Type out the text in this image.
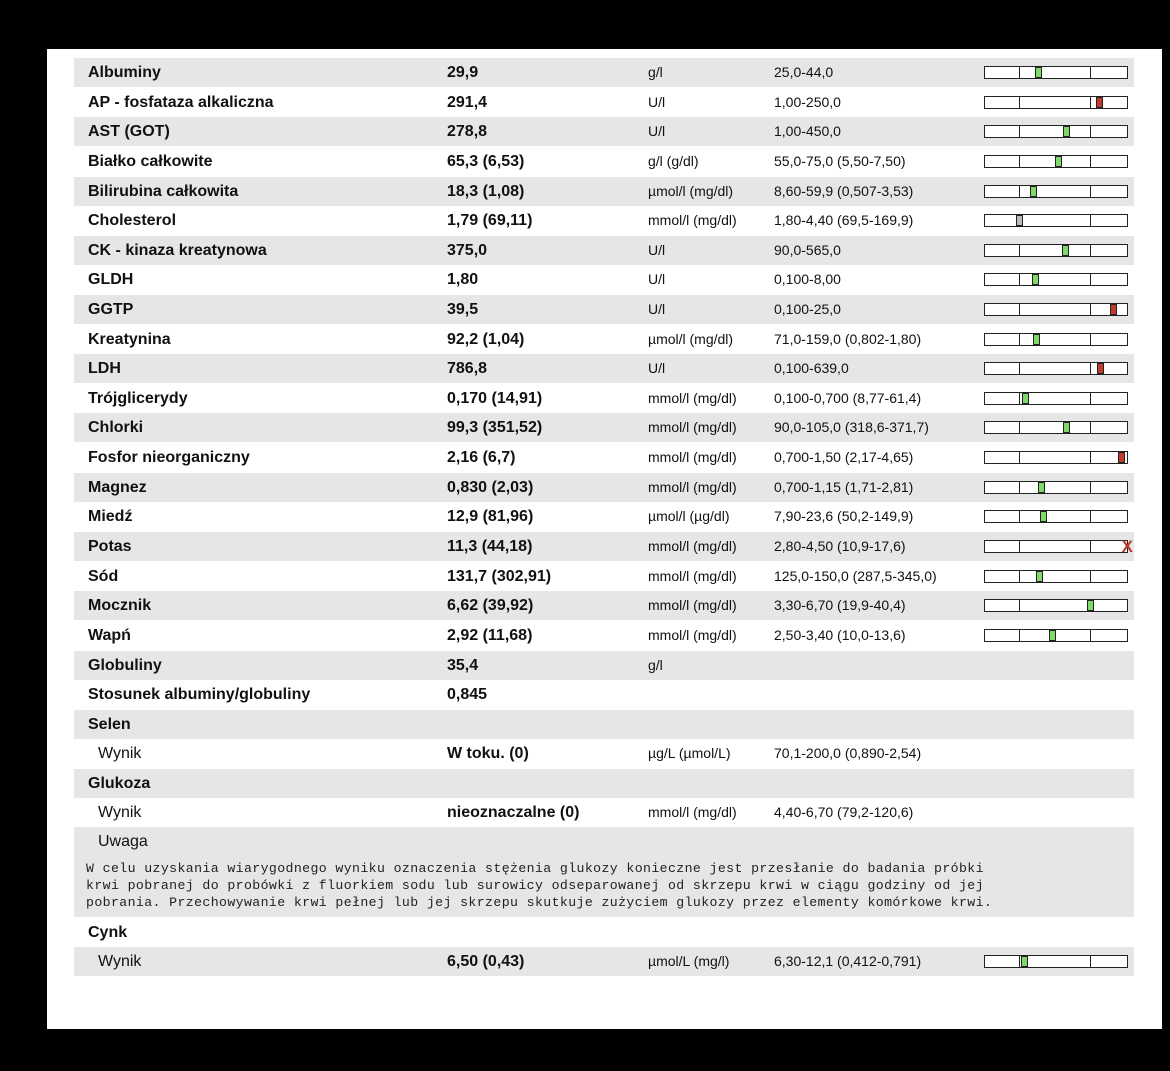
Albuminy	29,9	g/l	25,0-44,0
AP - fosfataza alkaliczna	291,4	U/l	1,00-250,0
AST (GOT)	278,8	U/l	1,00-450,0
Białko całkowite	65,3 (6,53)	g/l (g/dl)	55,0-75,0 (5,50-7,50)
Bilirubina całkowita	18,3 (1,08)	µmol/l (mg/dl)	8,60-59,9 (0,507-3,53)
Cholesterol	1,79 (69,11)	mmol/l (mg/dl)	1,80-4,40 (69,5-169,9)
CK - kinaza kreatynowa	375,0	U/l	90,0-565,0
GLDH	1,80	U/l	0,100-8,00
GGTP	39,5	U/l	0,100-25,0
Kreatynina	92,2 (1,04)	µmol/l (mg/dl)	71,0-159,0 (0,802-1,80)
LDH	786,8	U/l	0,100-639,0
Trójglicerydy	0,170 (14,91)	mmol/l (mg/dl)	0,100-0,700 (8,77-61,4)
Chlorki	99,3 (351,52)	mmol/l (mg/dl)	90,0-105,0 (318,6-371,7)
Fosfor nieorganiczny	2,16 (6,7)	mmol/l (mg/dl)	0,700-1,50 (2,17-4,65)
Magnez	0,830 (2,03)	mmol/l (mg/dl)	0,700-1,15 (1,71-2,81)
Miedź	12,9 (81,96)	µmol/l (µg/dl)	7,90-23,6 (50,2-149,9)
Potas	11,3 (44,18)	mmol/l (mg/dl)	2,80-4,50 (10,9-17,6)	X
Sód	131,7 (302,91)	mmol/l (mg/dl)	125,0-150,0 (287,5-345,0)
Mocznik	6,62 (39,92)	mmol/l (mg/dl)	3,30-6,70 (19,9-40,4)
Wapń	2,92 (11,68)	mmol/l (mg/dl)	2,50-3,40 (10,0-13,6)
Globuliny	35,4	g/l
Stosunek albuminy/globuliny	0,845
Selen
Wynik	W toku. (0)	µg/L (µmol/L)	70,1-200,0 (0,890-2,54)
Glukoza
Wynik	nieoznaczalne (0)	mmol/l (mg/dl)	4,40-6,70 (79,2-120,6)
Uwaga
Cynk
Wynik	6,50 (0,43)	µmol/L (mg/l)	6,30-12,1 (0,412-0,791)
W celu uzyskania wiarygodnego wyniku oznaczenia stężenia glukozy konieczne jest przesłanie do badania próbki
krwi pobranej do probówki z fluorkiem sodu lub surowicy odseparowanej od skrzepu krwi w ciągu godziny od jej
pobrania. Przechowywanie krwi pełnej lub jej skrzepu skutkuje zużyciem glukozy przez elementy komórkowe krwi.
